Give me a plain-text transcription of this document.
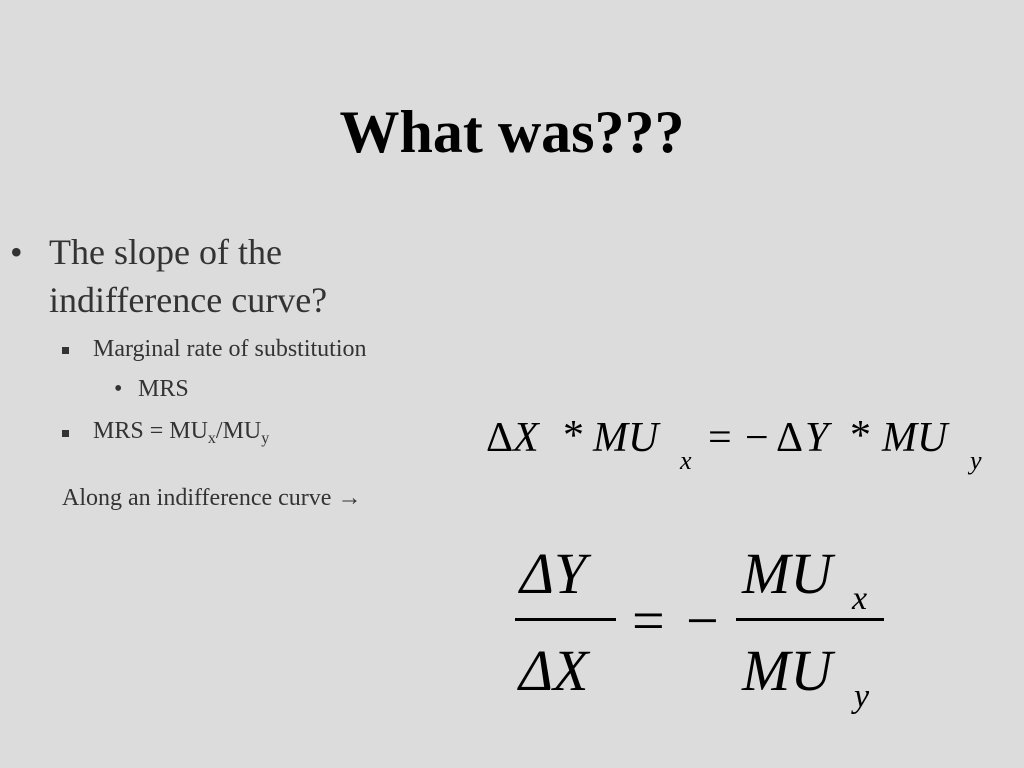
What was???
• The slope of the indifference curve?
Marginal rate of substitution
• MRS
MRS = $MU_x/MU_y$
Along an indifference curve →
Δ X * MU x = − Δ Y * MU y
ΔY
ΔX
= −
MU x
MU y
